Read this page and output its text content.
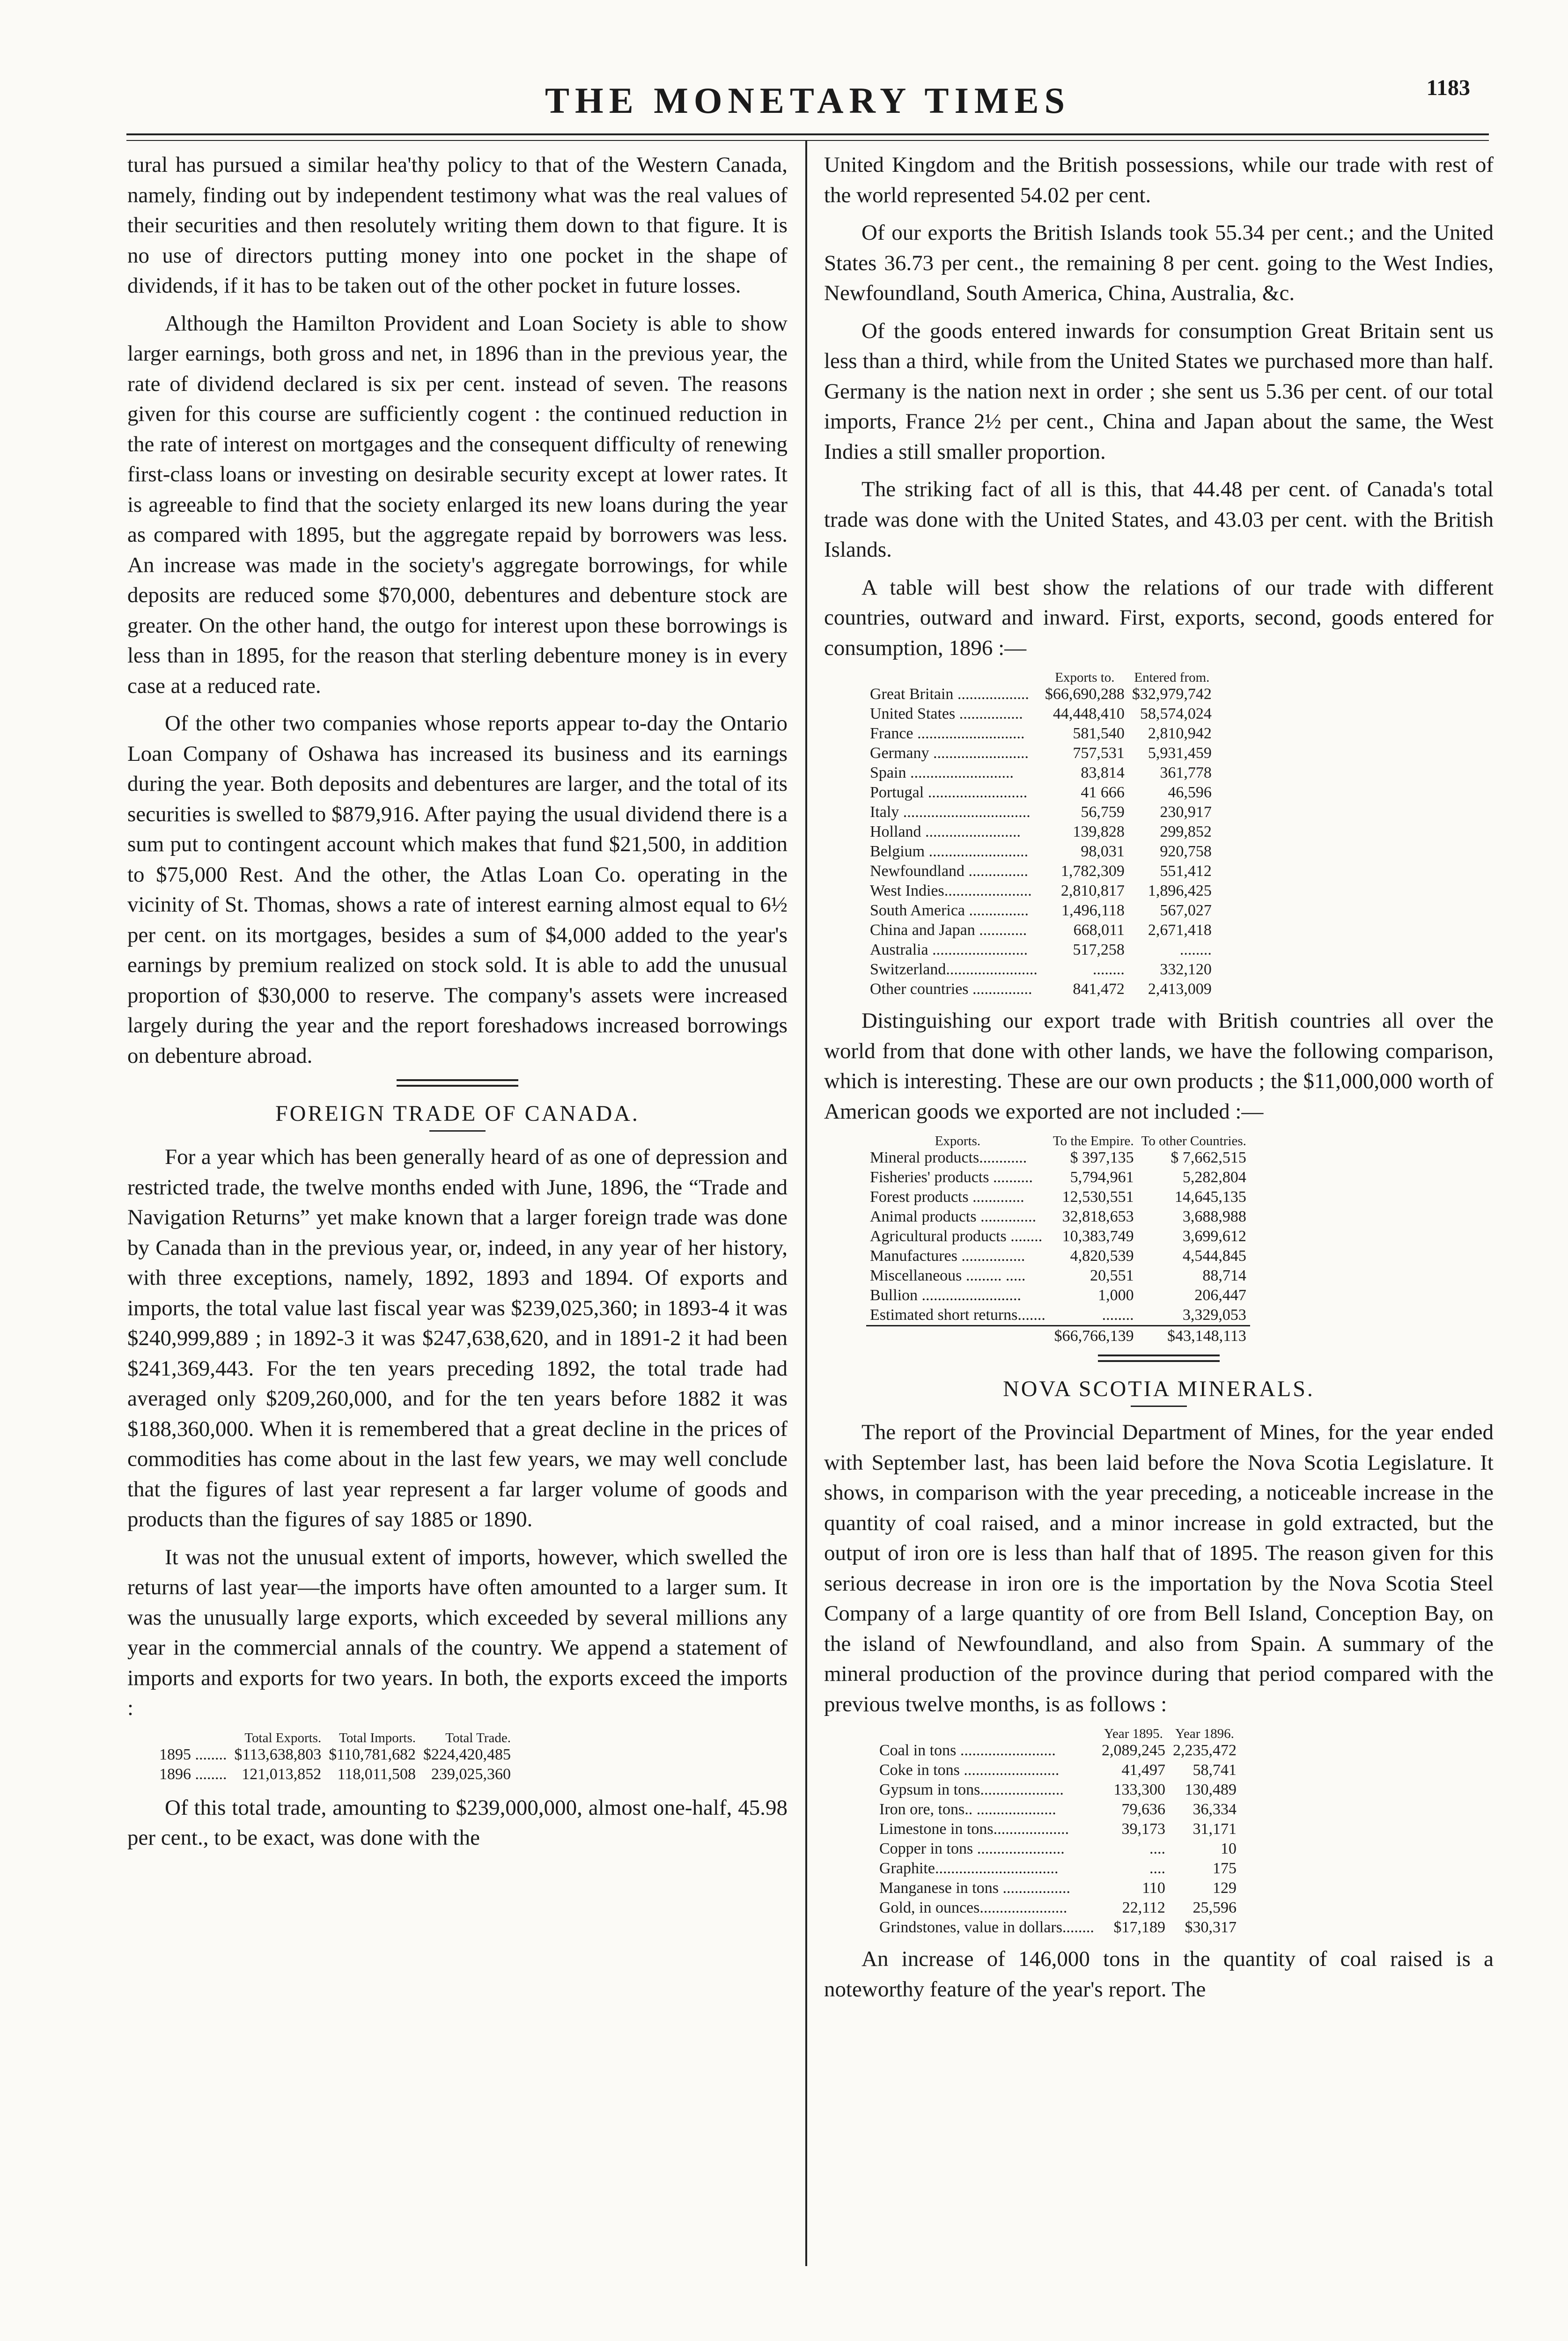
THE MONETARY TIMES	1183

tural has pursued a similar hea'thy policy to that of the Western Canada, namely, finding out by independent testimony what was the real values of their securities and then resolutely writing them down to that figure. It is no use of directors putting money into one pocket in the shape of dividends, if it has to be taken out of the other pocket in future losses.

Although the Hamilton Provident and Loan Society is able to show larger earnings, both gross and net, in 1896 than in the previous year, the rate of dividend declared is six per cent. instead of seven. The reasons given for this course are sufficiently cogent : the continued reduction in the rate of interest on mortgages and the consequent difficulty of renewing first-class loans or investing on desirable security except at lower rates. It is agreeable to find that the society enlarged its new loans during the year as compared with 1895, but the aggregate repaid by borrowers was less. An increase was made in the society's aggregate borrowings, for while deposits are reduced some $70,000, debentures and debenture stock are greater. On the other hand, the outgo for interest upon these borrowings is less than in 1895, for the reason that sterling debenture money is in every case at a reduced rate.

Of the other two companies whose reports appear to-day the Ontario Loan Company of Oshawa has increased its business and its earnings during the year. Both deposits and debentures are larger, and the total of its securities is swelled to $879,916. After paying the usual dividend there is a sum put to contingent account which makes that fund $21,500, in addition to $75,000 Rest. And the other, the Atlas Loan Co. operating in the vicinity of St. Thomas, shows a rate of interest earning almost equal to 6½ per cent. on its mortgages, besides a sum of $4,000 added to the year's earnings by premium realized on stock sold. It is able to add the unusual proportion of $30,000 to reserve. The company's assets were increased largely during the year and the report foreshadows increased borrowings on debenture abroad.

FOREIGN TRADE OF CANADA.

For a year which has been generally heard of as one of depression and restricted trade, the twelve months ended with June, 1896, the “Trade and Navigation Returns” yet make known that a larger foreign trade was done by Canada than in the previous year, or, indeed, in any year of her history, with three exceptions, namely, 1892, 1893 and 1894. Of exports and imports, the total value last fiscal year was $239,025,360; in 1893-4 it was $240,999,889 ; in 1892-3 it was $247,638,620, and in 1891-2 it had been $241,369,443. For the ten years preceding 1892, the total trade had averaged only $209,260,000, and for the ten years before 1882 it was $188,360,000. When it is remembered that a great decline in the prices of commodities has come about in the last few years, we may well conclude that the figures of last year represent a far larger volume of goods and products than the figures of say 1885 or 1890.

It was not the unusual extent of imports, however, which swelled the returns of last year—the imports have often amounted to a larger sum. It was the unusually large exports, which exceeded by several millions any year in the commercial annals of the country. We append a statement of imports and exports for two years. In both, the exports exceed the imports :

	Total Exports.	Total Imports.	Total Trade.
1895 ........	$113,638,803	$110,781,682	$224,420,485
1896 ........	121,013,852	118,011,508	239,025,360

Of this total trade, amounting to $239,000,000, almost one-half, 45.98 per cent., to be exact, was done with the

United Kingdom and the British possessions, while our trade with rest of the world represented 54.02 per cent.

Of our exports the British Islands took 55.34 per cent.; and the United States 36.73 per cent., the remaining 8 per cent. going to the West Indies, Newfoundland, South America, China, Australia, &c.

Of the goods entered inwards for consumption Great Britain sent us less than a third, while from the United States we purchased more than half. Germany is the nation next in order ; she sent us 5.36 per cent. of our total imports, France 2½ per cent., China and Japan about the same, the West Indies a still smaller proportion.

The striking fact of all is this, that 44.48 per cent. of Canada's total trade was done with the United States, and 43.03 per cent. with the British Islands.

A table will best show the relations of our trade with different countries, outward and inward. First, exports, second, goods entered for consumption, 1896 :—

	Exports to.	Entered from.
Great Britain ..................	$66,690,288	$32,979,742
United States ................	44,448,410	58,574,024
France ...........................	581,540	2,810,942
Germany ........................	757,531	5,931,459
Spain ..........................	83,814	361,778
Portugal .........................	41 666	46,596
Italy ................................	56,759	230,917
Holland ........................	139,828	299,852
Belgium .........................	98,031	920,758
Newfoundland ...............	1,782,309	551,412
West Indies......................	2,810,817	1,896,425
South America ...............	1,496,118	567,027
China and Japan ............	668,011	2,671,418
Australia ........................	517,258	........
Switzerland.......................	........	332,120
Other countries ...............	841,472	2,413,009

Distinguishing our export trade with British countries all over the world from that done with other lands, we have the following comparison, which is interesting. These are our own products ; the $11,000,000 worth of American goods we exported are not included :—

Exports.	To the Empire.	To other Countries.
Mineral products............	$ 397,135	$ 7,662,515
Fisheries' products ..........	5,794,961	5,282,804
Forest products .............	12,530,551	14,645,135
Animal products ..............	32,818,653	3,688,988
Agricultural products ........	10,383,749	3,699,612
Manufactures ................	4,820,539	4,544,845
Miscellaneous ......... .....	20,551	88,714
Bullion .........................	1,000	206,447
Estimated short returns.......	........	3,329,053
	$66,766,139	$43,148,113
NOVA SCOTIA MINERALS.

The report of the Provincial Department of Mines, for the year ended with September last, has been laid before the Nova Scotia Legislature. It shows, in comparison with the year preceding, a noticeable increase in the quantity of coal raised, and a minor increase in gold extracted, but the output of iron ore is less than half that of 1895. The reason given for this serious decrease in iron ore is the importation by the Nova Scotia Steel Company of a large quantity of ore from Bell Island, Conception Bay, on the island of Newfoundland, and also from Spain. A summary of the mineral production of the province during that period compared with the previous twelve months, is as follows :

	Year 1895.	Year 1896.
Coal in tons ........................	2,089,245	2,235,472
Coke in tons ........................	41,497	58,741
Gypsum in tons.....................	133,300	130,489
Iron ore, tons.. ....................	79,636	36,334
Limestone in tons...................	39,173	31,171
Copper in tons ......................	....	10
Graphite...............................	....	175
Manganese in tons .................	110	129
Gold, in ounces......................	22,112	25,596
Grindstones, value in dollars........	$17,189	$30,317

An increase of 146,000 tons in the quantity of coal raised is a noteworthy feature of the year's report. The
